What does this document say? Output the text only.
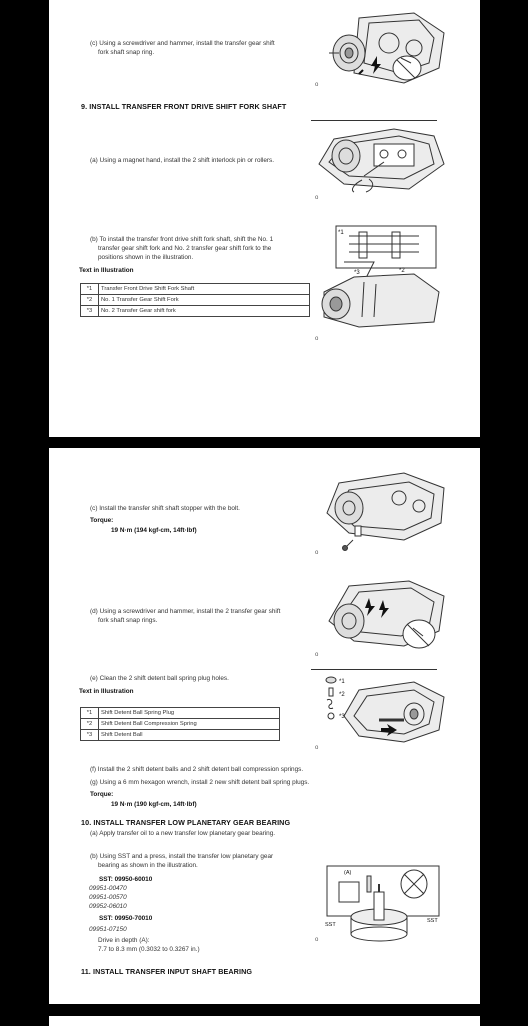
(c) Using a screwdriver and hammer, install the transfer gear shift
fork shaft snap ring.
o
9. INSTALL TRANSFER FRONT DRIVE SHIFT FORK SHAFT
(a) Using a magnet hand, install the 2 shift interlock pin or rollers.
o
(b) To install the transfer front drive shift fork shaft, shift the No. 1
transfer gear shift fork and No. 2 transfer gear shift fork to the
positions shown in the illustration.
Text in Illustration
*1	Transfer Front Drive Shift Fork Shaft
*2	No. 1 Transfer Gear Shift Fork
*3	No. 2 Transfer Gear shift fork
*1
*2
*3
o
(c) Install the transfer shift shaft stopper with the bolt.
Torque:
19 N·m (194 kgf-cm, 14ft·lbf)
o
(d) Using a screwdriver and hammer, install the 2 transfer gear shift
fork shaft snap rings.
o
(e) Clean the 2 shift detent ball spring plug holes.
Text in Illustration
*1	Shift Detent Ball Spring Plug
*2	Shift Detent Ball Compression Spring
*3	Shift Detent Ball
*1
*2
*3
o
(f) Install the 2 shift detent balls and 2 shift detent ball compression springs.
(g) Using a 6 mm hexagon wrench, install 2 new shift detent ball spring plugs.
Torque:
19 N·m (190 kgf-cm, 14ft·lbf)
10. INSTALL TRANSFER LOW PLANETARY GEAR BEARING
(a) Apply transfer oil to a new transfer low planetary gear bearing.
(b) Using SST and a press, install the transfer low planetary gear
bearing as shown in the illustration.
SST: 09950-60010
09951-00470
09951-00570
09952-06010
SST: 09950-70010
09951-07150
Drive in depth (A):
7.7 to 8.3 mm (0.3032 to 0.3267 in.)
(A)
SST
SST
o
11. INSTALL TRANSFER INPUT SHAFT BEARING
